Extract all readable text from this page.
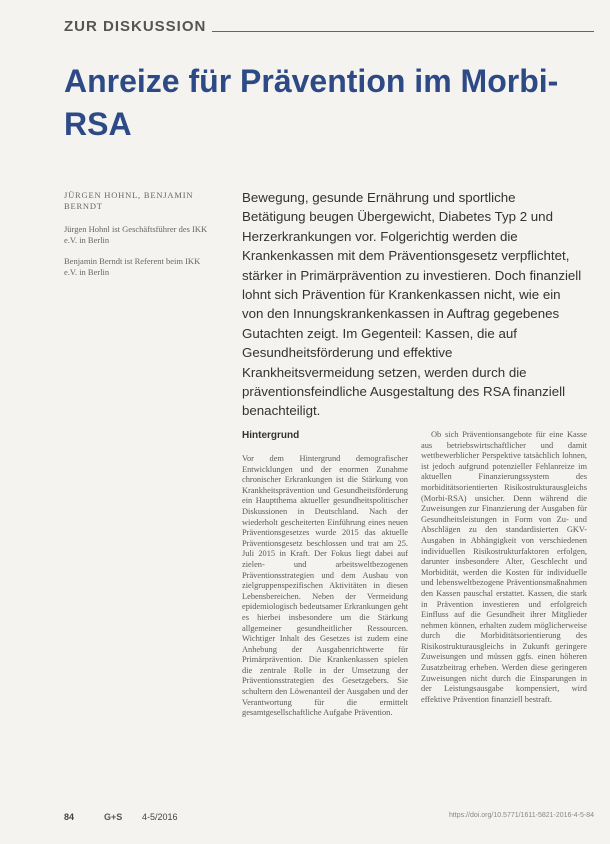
ZUR DISKUSSION
Anreize für Prävention im Morbi-RSA
JÜRGEN HOHNL, BENJAMIN BERNDT

Jürgen Hohnl ist Geschäftsführer des IKK e.V. in Berlin

Benjamin Berndt ist Referent beim IKK e.V. in Berlin

Bewegung, gesunde Ernährung und sportliche Betätigung beugen Übergewicht, Diabetes Typ 2 und Herzerkrankungen vor. Folgerichtig werden die Krankenkassen mit dem Präventionsgesetz verpflichtet, stärker in Primärprävention zu investieren. Doch finanziell lohnt sich Prävention für Krankenkassen nicht, wie ein von den Innungskrankenkassen in Auftrag gegebenes Gutachten zeigt. Im Gegenteil: Kassen, die auf Gesundheitsförderung und effektive Krankheitsvermeidung setzen, werden durch die präventionsfeindliche Ausgestaltung des RSA finanziell benachteiligt.

Hintergrund

Vor dem Hintergrund demografischer Entwicklungen und der enormen Zunahme chronischer Erkrankungen ist die Stärkung von Krankheitsprävention und Gesundheitsförderung ein Hauptthema aktueller gesundheitspolitischer Diskussionen in Deutschland. Nach der wiederholt gescheiterten Einführung eines neuen Präventionsgesetzes wurde 2015 das aktuelle Präventionsgesetz beschlossen und trat am 25. Juli 2015 in Kraft. Der Fokus liegt dabei auf zielen- und arbeitsweltbezogenen Präventionsstrategien und dem Ausbau von zielgruppenspezifischen Aktivitäten in diesen Lebensbereichen. Neben der Vermeidung epidemiologisch bedeutsamer Erkrankungen geht es hierbei insbesondere um die Stärkung allgemeiner gesundheitlicher Ressourcen. Wichtiger Inhalt des Gesetzes ist zudem eine Anhebung der Ausgabenrichtwerte für Primärprävention. Die Krankenkassen spielen die zentrale Rolle in der Umsetzung der Präventionsstrategien des Gesetzgebers. Sie schultern den Löwenanteil der Ausgaben und der Verantwortung für die ermittelt gesamtgesellschaftliche Aufgabe Prävention.

Ob sich Präventionsangebote für eine Kasse aus betriebswirtschaftlicher und damit wettbewerblicher Perspektive tatsächlich lohnen, ist jedoch aufgrund potenzieller Fehlanreize im aktuellen Finanzierungssystem des morbiditätsorientierten Risikostrukturausgleichs (Morbi-RSA) unsicher. Denn während die Zuweisungen zur Finanzierung der Ausgaben für Gesundheitsleistungen in Form von Zu- und Abschlägen zu den standardisierten GKV-Ausgaben in Abhängigkeit von verschiedenen individuellen Risikostrukturfaktoren erfolgen, darunter insbesondere Alter, Geschlecht und Morbidität, werden die Kosten für individuelle und lebensweltbezogene Präventionsmaßnahmen den Kassen pauschal erstattet. Kassen, die stark in Prävention investieren und erfolgreich Einfluss auf die Gesundheit ihrer Mitglieder nehmen können, erhalten zudem möglicherweise durch die Morbiditätsorientierung des Risikostrukturausgleichs in Zukunft geringere Zuweisungen und müssen ggfs. einen höheren Zusatzbeitrag erheben. Werden diese geringeren Zuweisungen nicht durch die Einsparungen in der Leistungsausgabe kompensiert, wird effektive Prävention finanziell bestraft.

84	G+S 4-5/2016	https://doi.org/10.5771/1611-5821-2016-4-5-84
